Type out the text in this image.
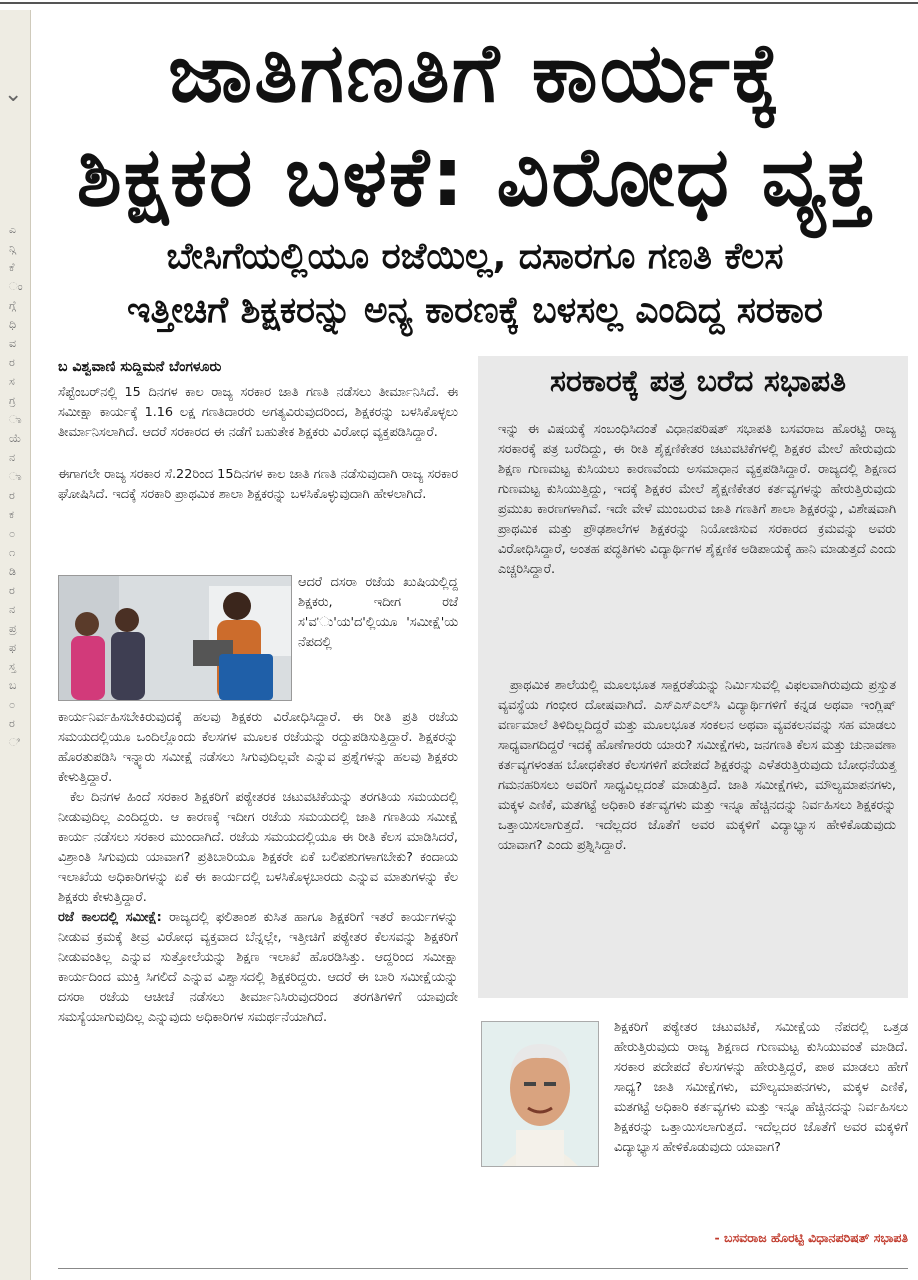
⌄
ಎ ನ್ಗಿ ಕೆ ಂ ಗ್ಗೆ ಧಿ ವ ರ ಸ ಗ್ರ ಾ ಯೆ ನ ಾ ರ ಕ ೦ ೧ ಡಿ ರ ನ ಪ್ರ ಫ ಸ್ತ ಬ ೦ ರ ಿ
ಜಾತಿಗಣತಿಗೆ ಕಾರ್ಯಕ್ಕೆ
ಶಿಕ್ಷಕರ ಬಳಕೆ: ವಿರೋಧ ವ್ಯಕ್ತ
ಬೇಸಿಗೆಯಲ್ಲಿಯೂ ರಜೆಯಿಲ್ಲ, ದಸಾರಗೂ ಗಣತಿ ಕೆಲಸ
ಇತ್ತೀಚಿಗೆ ಶಿಕ್ಷಕರನ್ನು ಅನ್ಯ ಕಾರಣಕ್ಕೆ ಬಳಸಲ್ಲ ಎಂದಿದ್ದ ಸರಕಾರ
ಬ ವಿಶ್ವವಾಣಿ ಸುದ್ದಿಮನೆ ಬೆಂಗಳೂರು

ಸೆಪ್ಟೆಂಬರ್‌ನಲ್ಲಿ 15 ದಿನಗಳ ಕಾಲ ರಾಜ್ಯ ಸರಕಾರ ಜಾತಿ ಗಣತಿ ನಡೆಸಲು ತೀರ್ಮಾನಿಸಿದೆ. ಈ ಸಮೀಕ್ಷಾ ಕಾರ್ಯಕ್ಕೆ 1.16 ಲಕ್ಷ ಗಣತಿದಾರರು ಅಗತ್ಯವಿರುವುದರಿಂದ, ಶಿಕ್ಷಕರನ್ನು ಬಳಸಿಕೊಳ್ಳಲು ತೀರ್ಮಾನಿಸಲಾಗಿದೆ. ಆದರೆ ಸರಕಾರದ ಈ ನಡೆಗೆ ಬಹುತೇಕ ಶಿಕ್ಷಕರು ವಿರೋಧ ವ್ಯಕ್ತಪಡಿಸಿದ್ದಾರೆ.

ಈಗಾಗಲೇ ರಾಜ್ಯ ಸರಕಾರ ಸೆ.22ರಿಂದ 15ದಿನಗಳ ಕಾಲ ಜಾತಿ ಗಣತಿ ನಡೆಸುವುದಾಗಿ ರಾಜ್ಯ ಸರಕಾರ ಘೋಷಿಸಿದೆ. ಇದಕ್ಕೆ ಸರಕಾರಿ ಪ್ರಾಥಮಿಕ ಶಾಲಾ ಶಿಕ್ಷಕರನ್ನು ಬಳಸಿಕೊಳ್ಳುವುದಾಗಿ ಹೇಳಲಾಗಿದೆ.

ಆದರೆ ದಸರಾ ರಜೆಯ ಖುಷಿಯಲ್ಲಿದ್ದ ಶಿಕ್ಷಕರು, ಇದೀಗ ರಜೆ ಸ'ವ'ು'ಯ'ದ'ಲ್ಲಿಯೂ 'ಸಮೀಕ್ಷೆ'ಯ ನೆಪದಲ್ಲಿ

ಕಾರ್ಯನಿರ್ವಹಿಸಬೇಕಿರುವುದಕ್ಕೆ ಹಲವು ಶಿಕ್ಷಕರು ವಿರೋಧಿಸಿದ್ದಾರೆ. ಈ ರೀತಿ ಪ್ರತಿ ರಜೆಯ ಸಮಯದಲ್ಲಿಯೂ ಒಂದಿಲ್ಲೊಂದು ಕೆಲಸಗಳ ಮೂಲಕ ರಜೆಯನ್ನು ರದ್ದುಪಡಿಸುತ್ತಿದ್ದಾರೆ. ಶಿಕ್ಷಕರನ್ನು ಹೊರತುಪಡಿಸಿ ಇನ್ನ್ಯಾರು ಸಮೀಕ್ಷೆ ನಡೆಸಲು ಸಿಗುವುದಿಲ್ಲವೇ ಎನ್ನುವ ಪ್ರಶ್ನೆಗಳನ್ನು ಹಲವು ಶಿಕ್ಷಕರು ಕೇಳುತ್ತಿದ್ದಾರೆ.

ಕೆಲ ದಿನಗಳ ಹಿಂದೆ ಸರಕಾರ ಶಿಕ್ಷಕರಿಗೆ ಪಠ್ಯೇತರಕ ಚಟುವಟಿಕೆಯನ್ನು ತರಗತಿಯ ಸಮಯದಲ್ಲಿ ನೀಡುವುದಿಲ್ಲ ಎಂದಿದ್ದರು. ಆ ಕಾರಣಕ್ಕೆ ಇದೀಗ ರಜೆಯ ಸಮಯದಲ್ಲಿ ಜಾತಿ ಗಣತಿಯ ಸಮೀಕ್ಷೆ ಕಾರ್ಯ ನಡೆಸಲು ಸರಕಾರ ಮುಂದಾಗಿದೆ. ರಜೆಯ ಸಮಯದಲ್ಲಿಯೂ ಈ ರೀತಿ ಕೆಲಸ ಮಾಡಿಸಿದರೆ, ವಿಶ್ರಾಂತಿ ಸಿಗುವುದು ಯಾವಾಗ? ಪ್ರತಿಬಾರಿಯೂ ಶಿಕ್ಷಕರೇ ಏಕೆ ಬಲಿಪಶುಗಳಾಗಬೇಕು? ಕಂದಾಯ ಇಲಾಖೆಯ ಅಧಿಕಾರಿಗಳನ್ನು ಏಕೆ ಈ ಕಾರ್ಯದಲ್ಲಿ ಬಳಸಿಕೊಳ್ಳಬಾರದು ಎನ್ನುವ ಮಾತುಗಳನ್ನು ಕೆಲ ಶಿಕ್ಷಕರು ಕೇಳುತ್ತಿದ್ದಾರೆ.

ರಜೆ ಕಾಲದಲ್ಲಿ ಸಮೀಕ್ಷೆ: ರಾಜ್ಯದಲ್ಲಿ ಫಲಿತಾಂಶ ಕುಸಿತ ಹಾಗೂ ಶಿಕ್ಷಕರಿಗೆ ಇತರೆ ಕಾರ್ಯಗಳನ್ನು ನೀಡುವ ಕ್ರಮಕ್ಕೆ ತೀವ್ರ ವಿರೋಧ ವ್ಯಕ್ತವಾದ ಬೆನ್ನಲ್ಲೇ, ಇತ್ತೀಚಿಗೆ ಪಠ್ಯೇತರ ಕೆಲಸವನ್ನು ಶಿಕ್ಷಕರಿಗೆ ನೀಡುವಂತಿಲ್ಲ ಎನ್ನುವ ಸುತ್ತೋಲೆಯನ್ನು ಶಿಕ್ಷಣ ಇಲಾಖೆ ಹೊರಡಿಸಿತ್ತು. ಆದ್ದರಿಂದ ಸಮೀಕ್ಷಾ ಕಾರ್ಯದಿಂದ ಮುಕ್ತಿ ಸಿಗಲಿದೆ ಎನ್ನುವ ವಿಶ್ವಾಸದಲ್ಲಿ ಶಿಕ್ಷಕರಿದ್ದರು. ಆದರೆ ಈ ಬಾರಿ ಸಮೀಕ್ಷೆಯನ್ನು ದಸರಾ ರಜೆಯ ಆಚೀಚೆ ನಡೆಸಲು ತೀರ್ಮಾನಿಸಿರುವುದರಿಂದ ತರಗತಿಗಳಿಗೆ ಯಾವುದೇ ಸಮಸ್ಯೆಯಾಗುವುದಿಲ್ಲ ಎನ್ನುವುದು ಅಧಿಕಾರಿಗಳ ಸಮರ್ಥನೆಯಾಗಿದೆ.

ಸರಕಾರಕ್ಕೆ ಪತ್ರ ಬರೆದ ಸಭಾಪತಿ

ಇನ್ನು ಈ ವಿಷಯಕ್ಕೆ ಸಂಬಂಧಿಸಿದಂತೆ ವಿಧಾನಪರಿಷತ್ ಸಭಾಪತಿ ಬಸವರಾಜ ಹೊರಟ್ಟಿ ರಾಜ್ಯ ಸರಕಾರಕ್ಕೆ ಪತ್ರ ಬರೆದಿದ್ದು, ಈ ರೀತಿ ಶೈಕ್ಷಣಿಕೇತರ ಚಟುವಟಿಕೆಗಳಲ್ಲಿ ಶಿಕ್ಷಕರ ಮೇಲೆ ಹೇರುವುದು ಶಿಕ್ಷಣ ಗುಣಮಟ್ಟ ಕುಸಿಯಲು ಕಾರಣವೆಂದು ಅಸಮಾಧಾನ ವ್ಯಕ್ತಪಡಿಸಿದ್ದಾರೆ. ರಾಜ್ಯದಲ್ಲಿ ಶಿಕ್ಷಣದ ಗುಣಮಟ್ಟ ಕುಸಿಯುತ್ತಿದ್ದು, ಇದಕ್ಕೆ ಶಿಕ್ಷಕರ ಮೇಲೆ ಶೈಕ್ಷಣಿಕೇತರ ಕರ್ತವ್ಯಗಳನ್ನು ಹೇರುತ್ತಿರುವುದು ಪ್ರಮುಖ ಕಾರಣಗಳಾಗಿವೆ. ಇದೇ ವೇಳೆ ಮುಂಬರುವ ಜಾತಿ ಗಣತಿಗೆ ಶಾಲಾ ಶಿಕ್ಷಕರನ್ನು, ವಿಶೇಷವಾಗಿ ಪ್ರಾಥಮಿಕ ಮತ್ತು ಪ್ರೌಢಶಾಲೆಗಳ ಶಿಕ್ಷಕರನ್ನು ನಿಯೋಜಿಸುವ ಸರಕಾರದ ಕ್ರಮವನ್ನು ಅವರು ವಿರೋಧಿಸಿದ್ದಾರೆ, ಅಂತಹ ಪದ್ಧತಿಗಳು ವಿದ್ಯಾರ್ಥಿಗಳ ಶೈಕ್ಷಣಿಕ ಅಡಿಪಾಯಕ್ಕೆ ಹಾನಿ ಮಾಡುತ್ತದೆ ಎಂದು ಎಚ್ಚರಿಸಿದ್ದಾರೆ.

ಪ್ರಾಥಮಿಕ ಶಾಲೆಯಲ್ಲಿ ಮೂಲಭೂತ ಸಾಕ್ಷರತೆಯನ್ನು ನಿರ್ಮಿಸುವಲ್ಲಿ ವಿಫಲವಾಗಿರುವುದು ಪ್ರಸ್ತುತ ವ್ಯವಸ್ಥೆಯ ಗಂಭೀರ ದೋಷವಾಗಿದೆ. ಎಸ್‌ಎಸ್‌ಎಲ್‌ಸಿ ವಿದ್ಯಾರ್ಥಿಗಳಿಗೆ ಕನ್ನಡ ಅಥವಾ ಇಂಗ್ಲಿಷ್ ವರ್ಣಮಾಲೆ ತಿಳಿದಿಲ್ಲದಿದ್ದರೆ ಮತ್ತು ಮೂಲಭೂತ ಸಂಕಲನ ಅಥವಾ ವ್ಯವಕಲನವನ್ನು ಸಹ ಮಾಡಲು ಸಾಧ್ಯವಾಗದಿದ್ದರೆ ಇದಕ್ಕೆ ಹೊಣೆಗಾರರು ಯಾರು? ಸಮೀಕ್ಷೆಗಳು, ಜನಗಣತಿ ಕೆಲಸ ಮತ್ತು ಚುನಾವಣಾ ಕರ್ತವ್ಯಗಳಂತಹ ಬೋಧಕೇತರ ಕೆಲಸಗಳಿಗೆ ಪದೇಪದೆ ಶಿಕ್ಷಕರನ್ನು ಎಳೆತರುತ್ತಿರುವುದು ಬೋಧನೆಯತ್ತ ಗಮನಹರಿಸಲು ಅವರಿಗೆ ಸಾಧ್ಯವಿಲ್ಲದಂತೆ ಮಾಡುತ್ತಿದೆ. ಜಾತಿ ಸಮೀಕ್ಷೆಗಳು, ಮೌಲ್ಯಮಾಪನಗಳು, ಮಕ್ಕಳ ಎಣಿಕೆ, ಮತಗಟ್ಟೆ ಅಧಿಕಾರಿ ಕರ್ತವ್ಯಗಳು ಮತ್ತು ಇನ್ನೂ ಹೆಚ್ಚಿನದನ್ನು ನಿರ್ವಹಿಸಲು ಶಿಕ್ಷಕರನ್ನು ಒತ್ತಾಯಿಸಲಾಗುತ್ತದೆ. ಇದೆಲ್ಲದರ ಜೊತೆಗೆ ಅವರ ಮಕ್ಕಳಿಗೆ ವಿದ್ಯಾಭ್ಯಾಸ ಹೇಳಿಕೊಡುವುದು ಯಾವಾಗ? ಎಂದು ಪ್ರಶ್ನಿಸಿದ್ದಾರೆ.

ಶಿಕ್ಷಕರಿಗೆ ಪಠ್ಯೇತರ ಚಟುವಟಿಕೆ, ಸಮೀಕ್ಷೆಯ ನೆಪದಲ್ಲಿ ಒತ್ತಡ ಹೇರುತ್ತಿರುವುದು ರಾಜ್ಯ ಶಿಕ್ಷಣದ ಗುಣಮಟ್ಟ ಕುಸಿಯುವಂತೆ ಮಾಡಿದೆ. ಸರಕಾರ ಪದೇಪದೆ ಕೆಲಸಗಳನ್ನು ಹೇರುತ್ತಿದ್ದರೆ, ಪಾಠ ಮಾಡಲು ಹೇಗೆ ಸಾಧ್ಯ? ಜಾತಿ ಸಮೀಕ್ಷೆಗಳು, ಮೌಲ್ಯಮಾಪನಗಳು, ಮಕ್ಕಳ ಎಣಿಕೆ, ಮತಗಟ್ಟೆ ಅಧಿಕಾರಿ ಕರ್ತವ್ಯಗಳು ಮತ್ತು ಇನ್ನೂ ಹೆಚ್ಚಿನದನ್ನು ನಿರ್ವಹಿಸಲು ಶಿಕ್ಷಕರನ್ನು ಒತ್ತಾಯಿಸಲಾಗುತ್ತದೆ. ಇದೆಲ್ಲದರ ಜೊತೆಗೆ ಅವರ ಮಕ್ಕಳಿಗೆ ವಿದ್ಯಾಭ್ಯಾಸ ಹೇಳಿಕೊಡುವುದು ಯಾವಾಗ?

- ಬಸವರಾಜ ಹೊರಟ್ಟಿ ವಿಧಾನಪರಿಷತ್ ಸಭಾಪತಿ
